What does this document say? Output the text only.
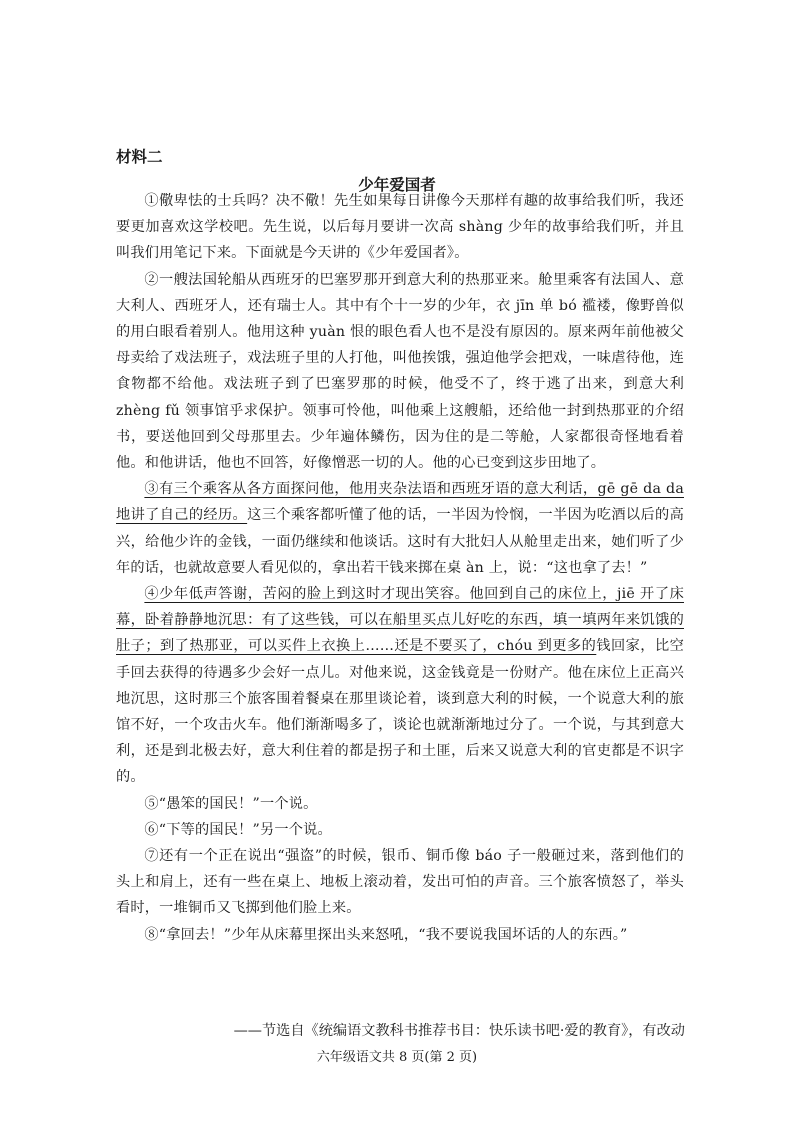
材料二
少年爱国者

①儆卑怯的士兵吗？决不儆！先生如果每日讲像今天那样有趣的故事给我们听，我还要更加喜欢这学校吧。先生说，以后每月要讲一次高 shàng 少年的故事给我们听，并且叫我们用笔记下来。下面就是今天讲的《少年爱国者》。

②一艘法国轮船从西班牙的巴塞罗那开到意大利的热那亚来。舱里乘客有法国人、意大利人、西班牙人，还有瑞士人。其中有个十一岁的少年，衣 jīn 单 bó 褴褛，像野兽似的用白眼看着别人。他用这种 yuàn 恨的眼色看人也不是没有原因的。原来两年前他被父母卖给了戏法班子，戏法班子里的人打他，叫他挨饿，强迫他学会把戏，一味虐待他，连食物都不给他。戏法班子到了巴塞罗那的时候，他受不了，终于逃了出来，到意大利 zhèng fǔ 领事馆乎求保护。领事可怜他，叫他乘上这艘船，还给他一封到热那亚的介绍书，要送他回到父母那里去。少年遍体鳞伤，因为住的是二等舱，人家都很奇怪地看着他。和他讲话，他也不回答，好像憎恶一切的人。他的心已变到这步田地了。

③有三个乘客从各方面探问他，他用夹杂法语和西班牙语的意大利话，gē gē da da 地讲了自己的经历。这三个乘客都听懂了他的话，一半因为怜悯，一半因为吃酒以后的高兴，给他少许的金钱，一面仍继续和他谈话。这时有大批妇人从舱里走出来，她们听了少年的话，也就故意要人看见似的，拿出若干钱来掷在桌 àn 上，说：“这也拿了去！”

④少年低声答谢，苦闷的脸上到这时才现出笑容。他回到自己的床位上，jiē 开了床幕，卧着静静地沉思：有了这些钱，可以在船里买点儿好吃的东西，填一填两年来饥饿的肚子；到了热那亚，可以买件上衣换上……还是不要买了，chóu 到更多的钱回家，比空手回去获得的待遇多少会好一点儿。对他来说，这金钱竟是一份财产。他在床位上正高兴地沉思，这时那三个旅客围着餐桌在那里谈论着，谈到意大利的时候，一个说意大利的旅馆不好，一个攻击火车。他们渐渐喝多了，谈论也就渐渐地过分了。一个说，与其到意大利，还是到北极去好，意大利住着的都是拐子和土匪，后来又说意大利的官吏都是不识字的。

⑤“愚笨的国民！”一个说。

⑥“下等的国民！”另一个说。

⑦还有一个正在说出“强盗”的时候，银币、铜币像 báo 子一般砸过来，落到他们的头上和肩上，还有一些在桌上、地板上滚动着，发出可怕的声音。三个旅客愤怒了，举头看时，一堆铜币又飞掷到他们脸上来。

⑧“拿回去！”少年从床幕里探出头来怒吼，“我不要说我国坏话的人的东西。”

——节选自《统编语文教科书推荐书目：快乐读书吧·爱的教育》，有改动
六年级语文共 8 页(第 2 页)
